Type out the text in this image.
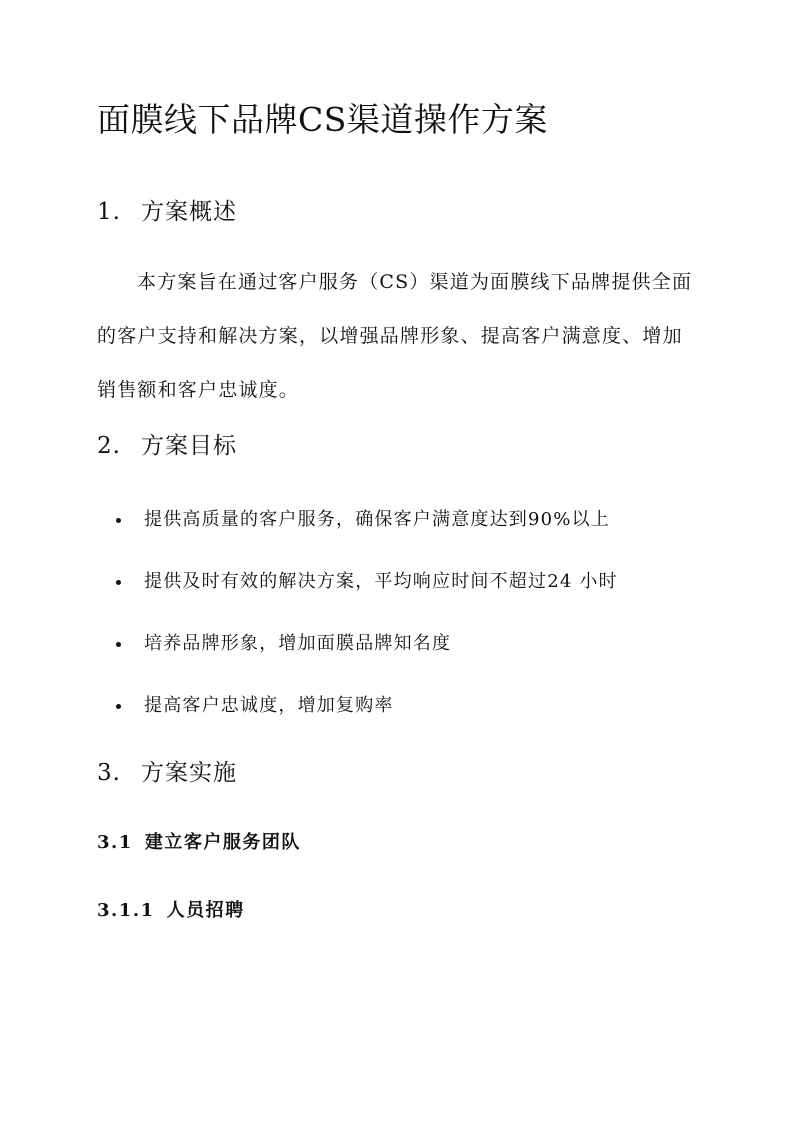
面膜线下品牌CS渠道操作方案
1. 方案概述
本方案旨在通过客户服务（CS）渠道为面膜线下品牌提供全面
的客户支持和解决方案，以增强品牌形象、提高客户满意度、增加
销售额和客户忠诚度。
2. 方案目标
提供高质量的客户服务，确保客户满意度达到90%以上
提供及时有效的解决方案，平均响应时间不超过24 小时
培养品牌形象，增加面膜品牌知名度
提高客户忠诚度，增加复购率
3. 方案实施
3.1 建立客户服务团队
3.1.1 人员招聘
